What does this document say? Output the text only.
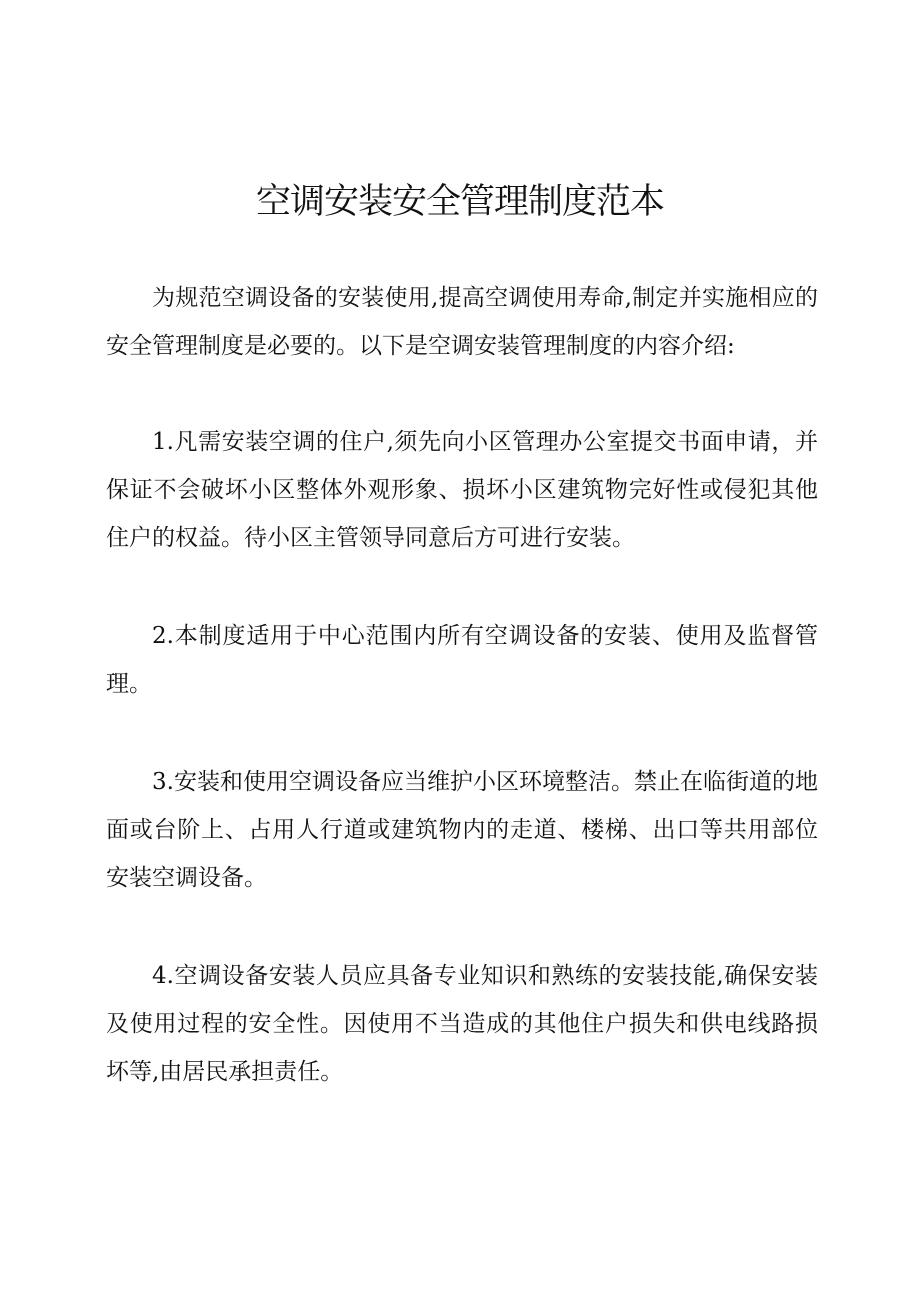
空调安装安全管理制度范本

为规范空调设备的安装使用,提高空调使用寿命,制定并实施相应的安全管理制度是必要的。以下是空调安装管理制度的内容介绍:

1.凡需安装空调的住户,须先向小区管理办公室提交书面申请，并保证不会破坏小区整体外观形象、损坏小区建筑物完好性或侵犯其他住户的权益。待小区主管领导同意后方可进行安装。

2.本制度适用于中心范围内所有空调设备的安装、使用及监督管理。

3.安装和使用空调设备应当维护小区环境整洁。禁止在临街道的地面或台阶上、占用人行道或建筑物内的走道、楼梯、出口等共用部位安装空调设备。

4.空调设备安装人员应具备专业知识和熟练的安装技能,确保安装及使用过程的安全性。因使用不当造成的其他住户损失和供电线路损坏等,由居民承担责任。
